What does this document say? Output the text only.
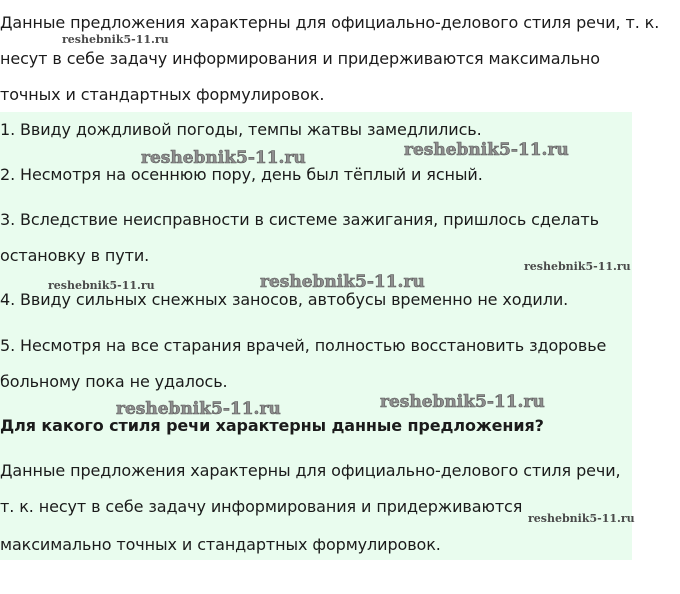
Данные предложения характерны для официально-делового стиля речи, т. к.
несут в себе задачу информирования и придерживаются максимально
точных и стандартных формулировок.
1. Ввиду дождливой погоды, темпы жатвы замедлились.
2. Несмотря на осеннюю пору, день был тёплый и ясный.
3. Вследствие неисправности в системе зажигания, пришлось сделать
остановку в пути.
4. Ввиду сильных снежных заносов, автобусы временно не ходили.
5. Несмотря на все старания врачей, полностью восстановить здоровье
больному пока не удалось.
Для какого стиля речи характерны данные предложения?
Данные предложения характерны для официально-делового стиля речи,
т. к. несут в себе задачу информирования и придерживаются
максимально точных и стандартных формулировок.
reshebnik5-11.ru
reshebnik5-11.ru	reshebnik5-11.ru
reshebnik5-11.ru
reshebnik5-11.ru
reshebnik5-11.ru
reshebnik5-11.ru	reshebnik5-11.ru
reshebnik5-11.ru
